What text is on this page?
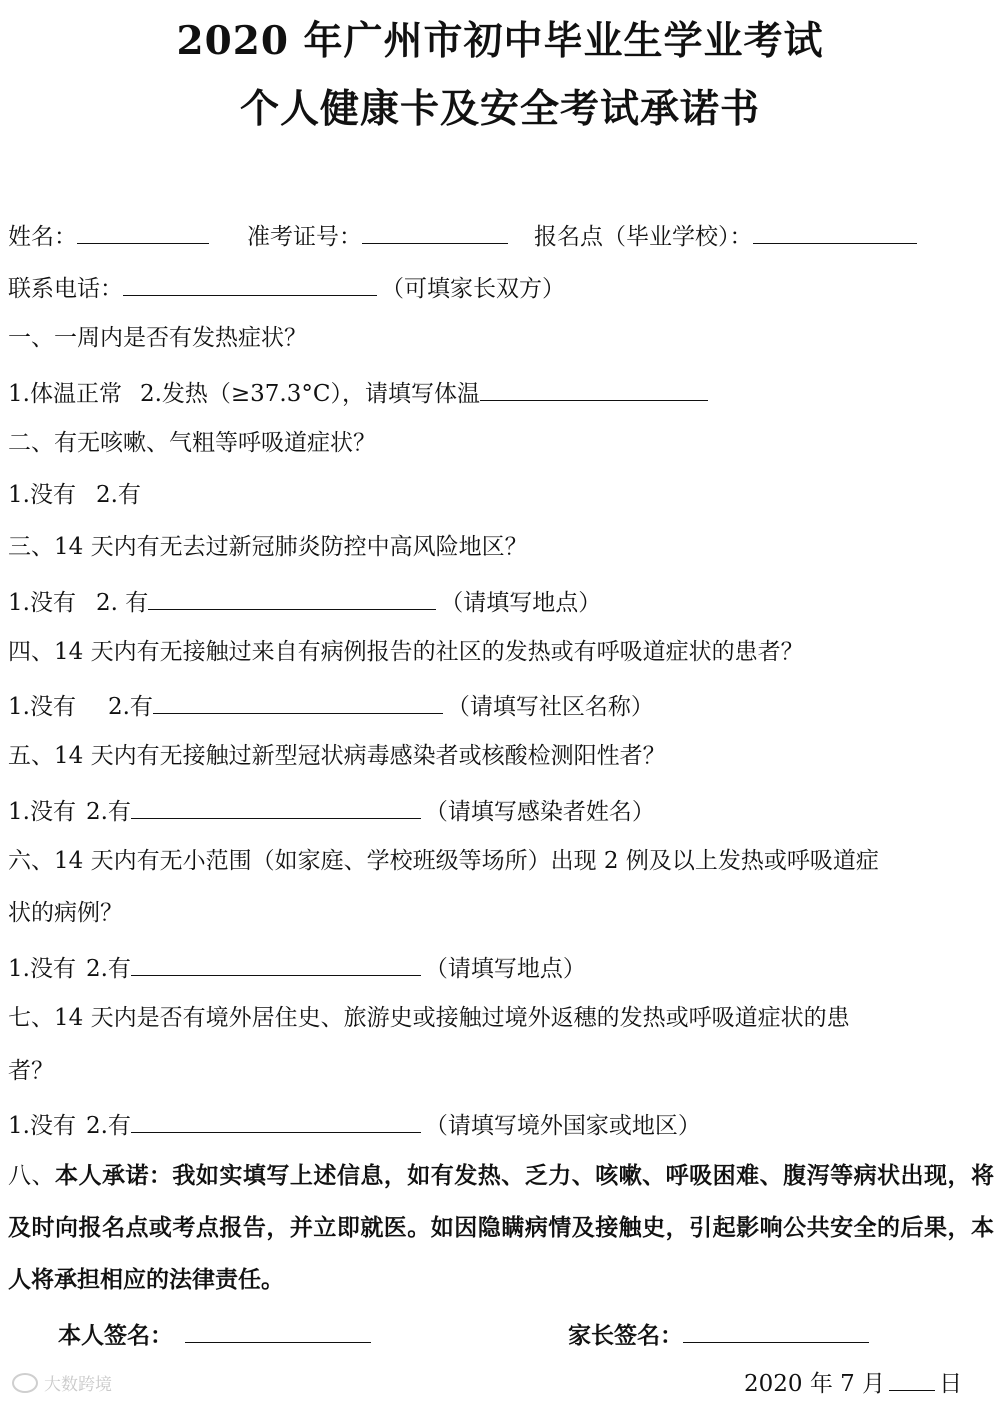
2020 年广州市初中毕业生学业考试
个人健康卡及安全考试承诺书
姓名：	准考证号：	报名点（毕业学校）：
联系电话：	（可填家长双方）
一、一周内是否有发热症状？
1.体温正常 2.发热（≥37.3°C），请填写体温
二、有无咳嗽、气粗等呼吸道症状？
1.没有 2.有
三、14 天内有无去过新冠肺炎防控中高风险地区？
1.没有 2. 有	（请填写地点）
四、14 天内有无接触过来自有病例报告的社区的发热或有呼吸道症状的患者？
1.没有 2.有	（请填写社区名称）
五、14 天内有无接触过新型冠状病毒感染者或核酸检测阳性者？
1.没有 2.有	（请填写感染者姓名）
六、14 天内有无小范围（如家庭、学校班级等场所）出现 2 例及以上发热或呼吸道症
状的病例？
1.没有 2.有	（请填写地点）
七、14 天内是否有境外居住史、旅游史或接触过境外返穗的发热或呼吸道症状的患
者？
1.没有 2.有	（请填写境外国家或地区）
八、本人承诺：我如实填写上述信息，如有发热、乏力、咳嗽、呼吸困难、腹泻等病状出现，将及时向报名点或考点报告，并立即就医。如因隐瞒病情及接触史，引起影响公共安全的后果，本人将承担相应的法律责任。
本人签名：	家长签名：
2020 年 7 月 日
大数跨境
